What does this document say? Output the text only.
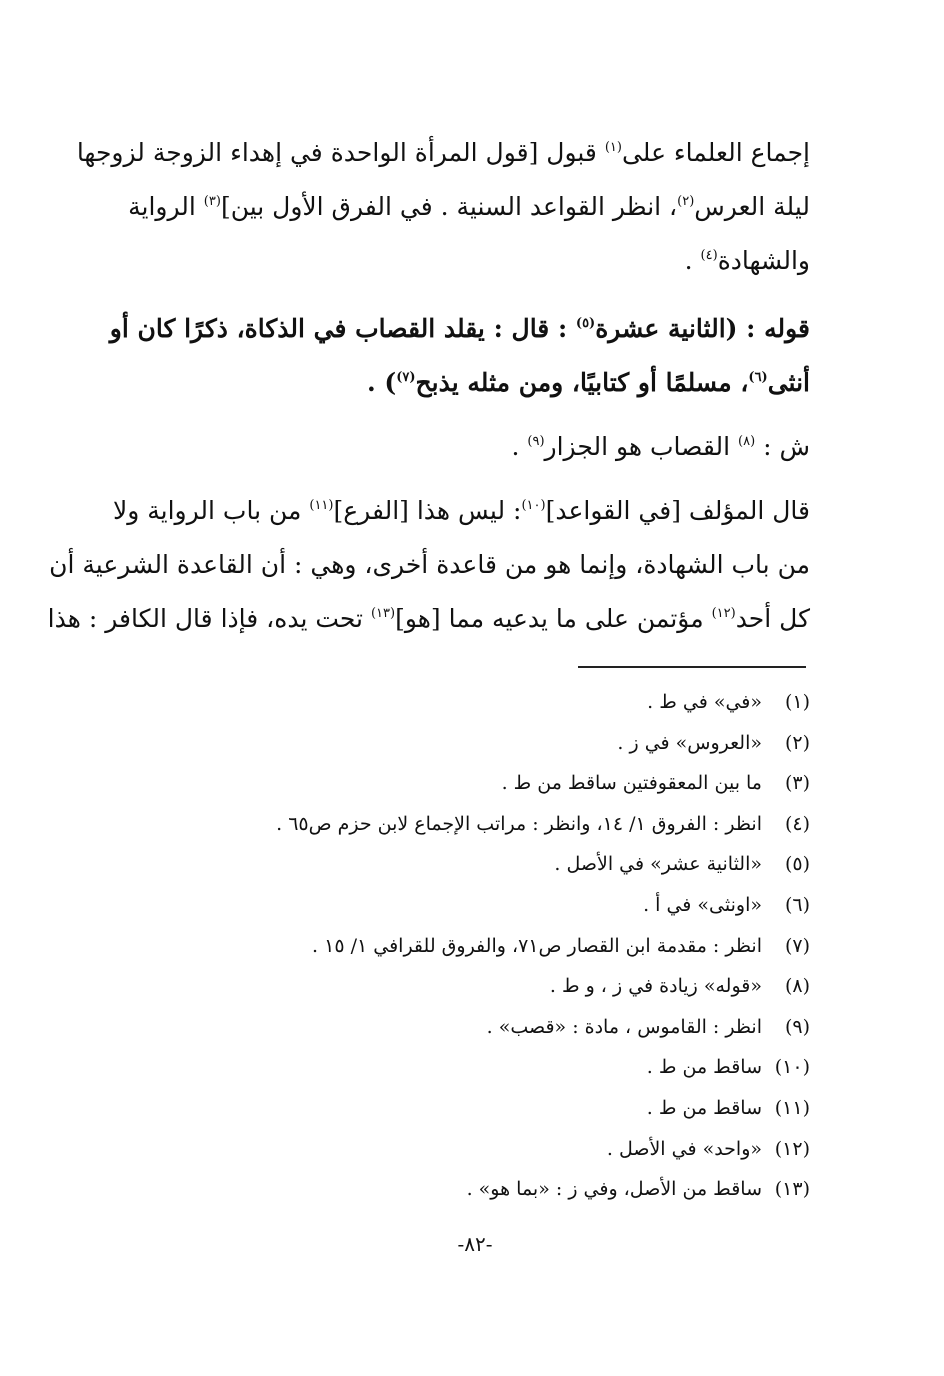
إجماع العلماء على$^{(١)}$ قبول [قول المرأة الواحدة في إهداء الزوجة لزوجها
ليلة العرس$^{(٢)}$، انظر القواعد السنية . في الفرق الأول بين]$^{(٣)}$ الرواية
والشهادة$^{(٤)}$ .
قوله : (الثانية عشرة$^{(٥)}$ : قال : يقلد القصاب في الذكاة، ذكرًا كان أو
أنثى$^{(٦)}$، مسلمًا أو كتابيًا، ومن مثله يذبح$^{(٧)}$) .
ش : $^{(٨)}$ القصاب هو الجزار$^{(٩)}$ .
قال المؤلف [في القواعد]$^{(١٠)}$: ليس هذا [الفرع]$^{(١١)}$ من باب الرواية ولا
من باب الشهادة، وإنما هو من قاعدة أخرى، وهي : أن القاعدة الشرعية أن
كل أحد$^{(١٢)}$ مؤتمن على ما يدعيه مما [هو]$^{(١٣)}$ تحت يده، فإذا قال الكافر : هذا
(١)«في» في ط .
(٢)«العروس» في ز .
(٣)ما بين المعقوفتين ساقط من ط .
(٤)انظر : الفروق ١/ ١٤، وانظر : مراتب الإجماع لابن حزم ص٦٥ .
(٥)«الثانية عشر» في الأصل .
(٦)«اونثى» في أ .
(٧)انظر : مقدمة ابن القصار ص٧١، والفروق للقرافي ١/ ١٥ .
(٨)«قوله» زيادة في ز ، و ط .
(٩)انظر : القاموس ، مادة : «قصب» .
(١٠)ساقط من ط .
(١١)ساقط من ط .
(١٢)«واحد» في الأصل .
(١٣)ساقط من الأصل، وفي ز : «بما هو» .
-٨٢-
